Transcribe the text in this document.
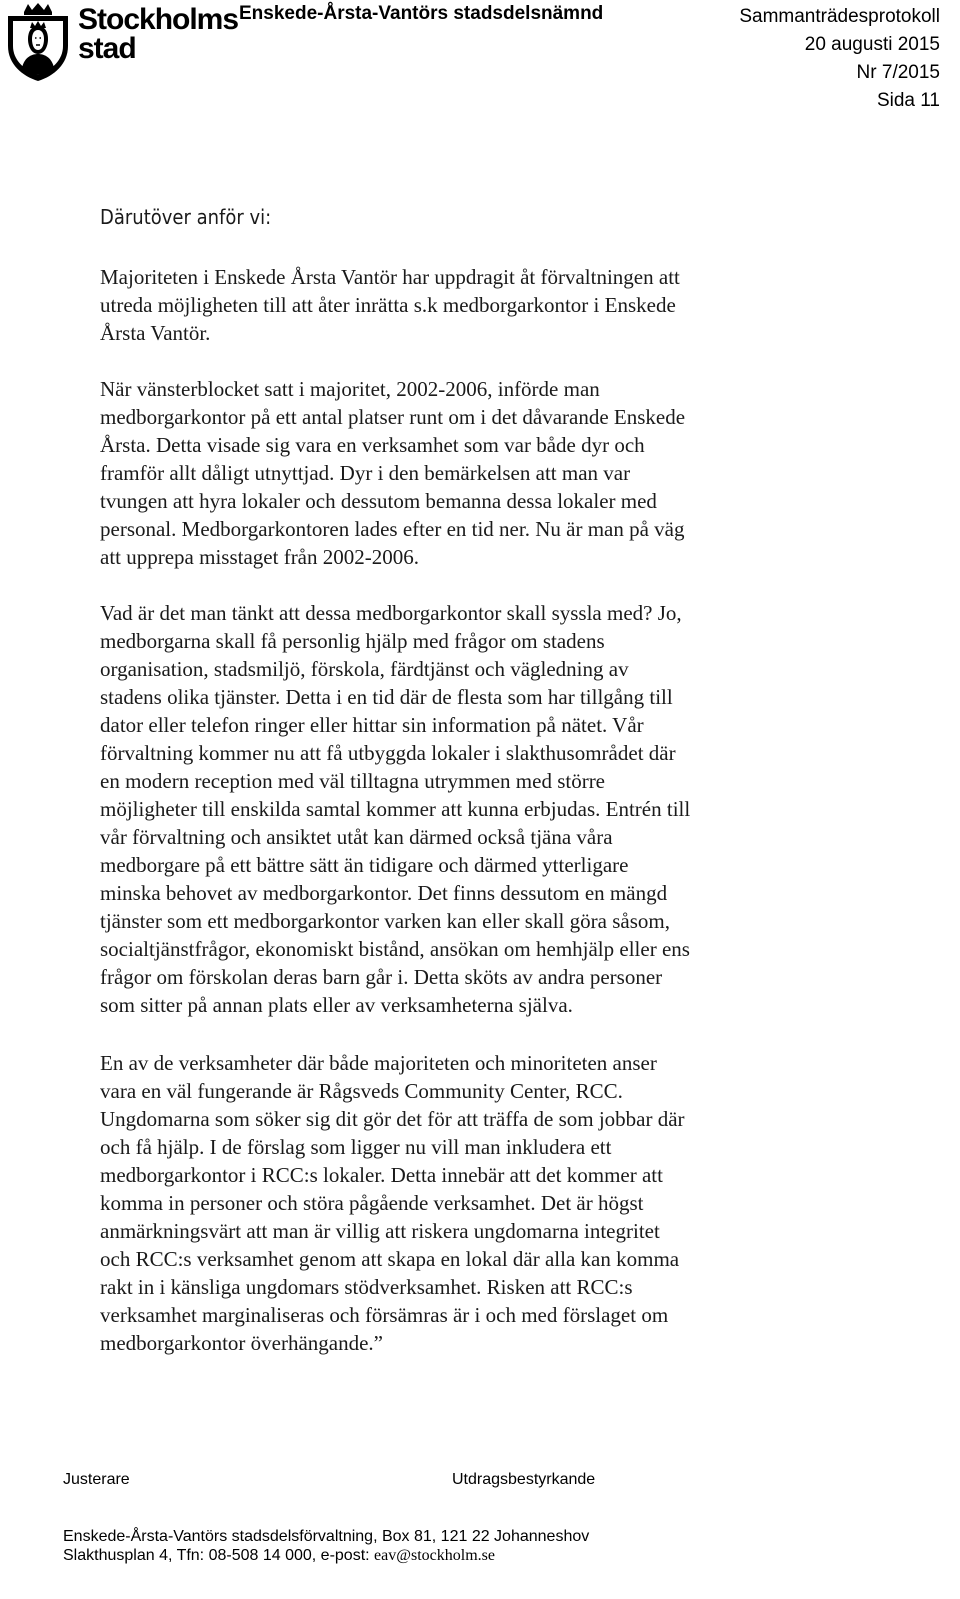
Stockholms
stad
Enskede-Årsta-Vantörs stadsdelsnämnd	Sammanträdesprotokoll
20 augusti 2015
Nr 7/2015
Sida 11
Därutöver anför vi:

Majoriteten i Enskede Årsta Vantör har uppdragit åt förvaltningen att
utreda möjligheten till att åter inrätta s.k medborgarkontor i Enskede
Årsta Vantör.

När vänsterblocket satt i majoritet, 2002-2006, införde man
medborgarkontor på ett antal platser runt om i det dåvarande Enskede
Årsta. Detta visade sig vara en verksamhet som var både dyr och
framför allt dåligt utnyttjad. Dyr i den bemärkelsen att man var
tvungen att hyra lokaler och dessutom bemanna dessa lokaler med
personal. Medborgarkontoren lades efter en tid ner. Nu är man på väg
att upprepa misstaget från 2002-2006.

Vad är det man tänkt att dessa medborgarkontor skall syssla med? Jo,
medborgarna skall få personlig hjälp med frågor om stadens
organisation, stadsmiljö, förskola, färdtjänst och vägledning av
stadens olika tjänster. Detta i en tid där de flesta som har tillgång till
dator eller telefon ringer eller hittar sin information på nätet. Vår
förvaltning kommer nu att få utbyggda lokaler i slakthusområdet där
en modern reception med väl tilltagna utrymmen med större
möjligheter till enskilda samtal kommer att kunna erbjudas. Entrén till
vår förvaltning och ansiktet utåt kan därmed också tjäna våra
medborgare på ett bättre sätt än tidigare och därmed ytterligare
minska behovet av medborgarkontor. Det finns dessutom en mängd
tjänster som ett medborgarkontor varken kan eller skall göra såsom,
socialtjänstfrågor, ekonomiskt bistånd, ansökan om hemhjälp eller ens
frågor om förskolan deras barn går i. Detta sköts av andra personer
som sitter på annan plats eller av verksamheterna själva.

En av de verksamheter där både majoriteten och minoriteten anser
vara en väl fungerande är Rågsveds Community Center, RCC.
Ungdomarna som söker sig dit gör det för att träffa de som jobbar där
och få hjälp. I de förslag som ligger nu vill man inkludera ett
medborgarkontor i RCC:s lokaler. Detta innebär att det kommer att
komma in personer och störa pågående verksamhet. Det är högst
anmärkningsvärt att man är villig att riskera ungdomarna integritet
och RCC:s verksamhet genom att skapa en lokal där alla kan komma
rakt in i känsliga ungdomars stödverksamhet. Risken att RCC:s
verksamhet marginaliseras och försämras är i och med förslaget om
medborgarkontor överhängande.”

Justerare	Utdragsbestyrkande
Enskede-Årsta-Vantörs stadsdelsförvaltning, Box 81, 121 22 Johanneshov
Slakthusplan 4, Tfn: 08-508 14 000, e-post: eav@stockholm.se
